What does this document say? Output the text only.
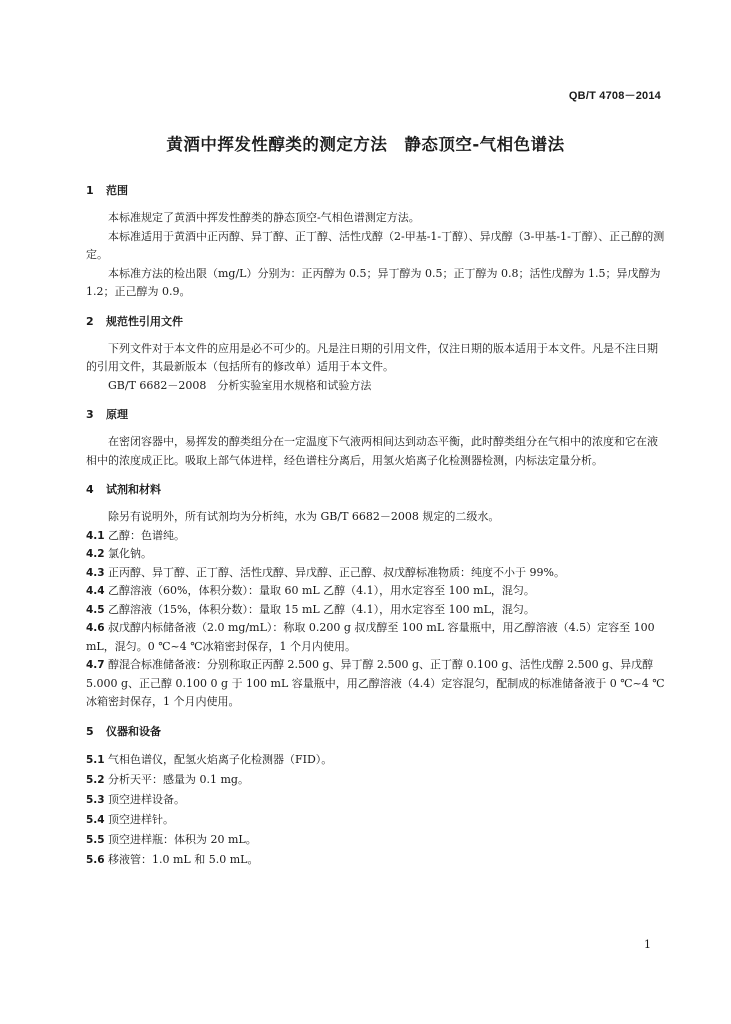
QB/T 4708－2014
黄酒中挥发性醇类的测定方法　静态顶空-气相色谱法
1 范围

本标准规定了黄酒中挥发性醇类的静态顶空-气相色谱测定方法。

本标准适用于黄酒中正丙醇、异丁醇、正丁醇、活性戊醇（2-甲基-1-丁醇）、异戊醇（3-甲基-1-丁醇）、正己醇的测定。

本标准方法的检出限（mg/L）分别为：正丙醇为 0.5；异丁醇为 0.5；正丁醇为 0.8；活性戊醇为 1.5；异戊醇为 1.2；正己醇为 0.9。

2 规范性引用文件

下列文件对于本文件的应用是必不可少的。凡是注日期的引用文件，仅注日期的版本适用于本文件。凡是不注日期的引用文件，其最新版本（包括所有的修改单）适用于本文件。

GB/T 6682－2008　分析实验室用水规格和试验方法

3 原理

在密闭容器中，易挥发的醇类组分在一定温度下气液两相间达到动态平衡，此时醇类组分在气相中的浓度和它在液相中的浓度成正比。吸取上部气体进样，经色谱柱分离后，用氢火焰离子化检测器检测，内标法定量分析。

4 试剂和材料

除另有说明外，所有试剂均为分析纯，水为 GB/T 6682－2008 规定的二级水。

4.1 乙醇：色谱纯。

4.2 氯化钠。

4.3 正丙醇、异丁醇、正丁醇、活性戊醇、异戊醇、正己醇、叔戊醇标准物质：纯度不小于 99%。

4.4 乙醇溶液（60%，体积分数）：量取 60 mL 乙醇（4.1），用水定容至 100 mL，混匀。

4.5 乙醇溶液（15%，体积分数）：量取 15 mL 乙醇（4.1），用水定容至 100 mL，混匀。

4.6 叔戊醇内标储备液（2.0 mg/mL）：称取 0.200 g 叔戊醇至 100 mL 容量瓶中，用乙醇溶液（4.5）定容至 100 mL，混匀。0 ℃~4 ℃冰箱密封保存，1 个月内使用。

4.7 醇混合标准储备液：分别称取正丙醇 2.500 g、异丁醇 2.500 g、正丁醇 0.100 g、活性戊醇 2.500 g、异戊醇 5.000 g、正己醇 0.100 0 g 于 100 mL 容量瓶中，用乙醇溶液（4.4）定容混匀，配制成的标准储备液于 0 ℃~4 ℃冰箱密封保存，1 个月内使用。

5 仪器和设备

5.1 气相色谱仪，配氢火焰离子化检测器（FID）。

5.2 分析天平：感量为 0.1 mg。

5.3 顶空进样设备。

5.4 顶空进样针。

5.5 顶空进样瓶：体积为 20 mL。

5.6 移液管：1.0 mL 和 5.0 mL。

1
